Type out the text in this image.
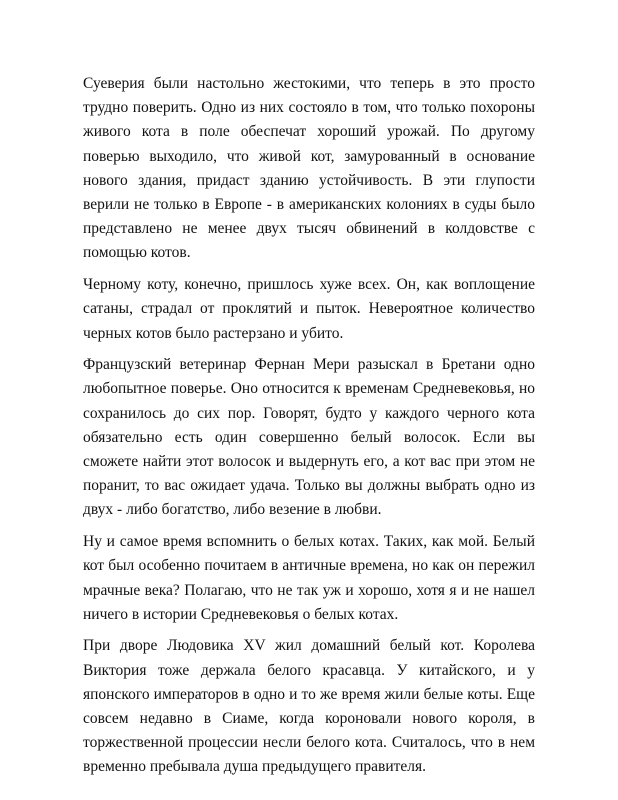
Суеверия были настольно жестокими, что теперь в это просто трудно поверить. Одно из них состояло в том, что только похороны живого кота в поле обеспечат хороший урожай. По другому поверью выходило, что живой кот, замурованный в основание нового здания, придаст зданию устойчивость. В эти глупости верили не только в Европе - в американских колониях в суды было представлено не менее двух тысяч обвинений в колдовстве с помощью котов.

Черному коту, конечно, пришлось хуже всех. Он, как воплощение сатаны, страдал от проклятий и пыток. Невероятное количество черных котов было растерзано и убито.

Французский ветеринар Фернан Мери разыскал в Бретани одно любопытное поверье. Оно относится к временам Средневековья, но сохранилось до сих пор. Говорят, будто у каждого черного кота обязательно есть один совершенно белый волосок. Если вы сможете найти этот волосок и выдернуть его, а кот вас при этом не поранит, то вас ожидает удача. Только вы должны выбрать одно из двух - либо богатство, либо везение в любви.

Ну и самое время вспомнить о белых котах. Таких, как мой. Белый кот был особенно почитаем в античные времена, но как он пережил мрачные века? Полагаю, что не так уж и хорошо, хотя я и не нашел ничего в истории Средневековья о белых котах.

При дворе Людовика XV жил домашний белый кот. Королева Виктория тоже держала белого красавца. У китайского, и у японского императоров в одно и то же время жили белые коты. Еще совсем недавно в Сиаме, когда короновали нового короля, в торжественной процессии несли белого кота. Считалось, что в нем временно пребывала душа предыдущего правителя.
